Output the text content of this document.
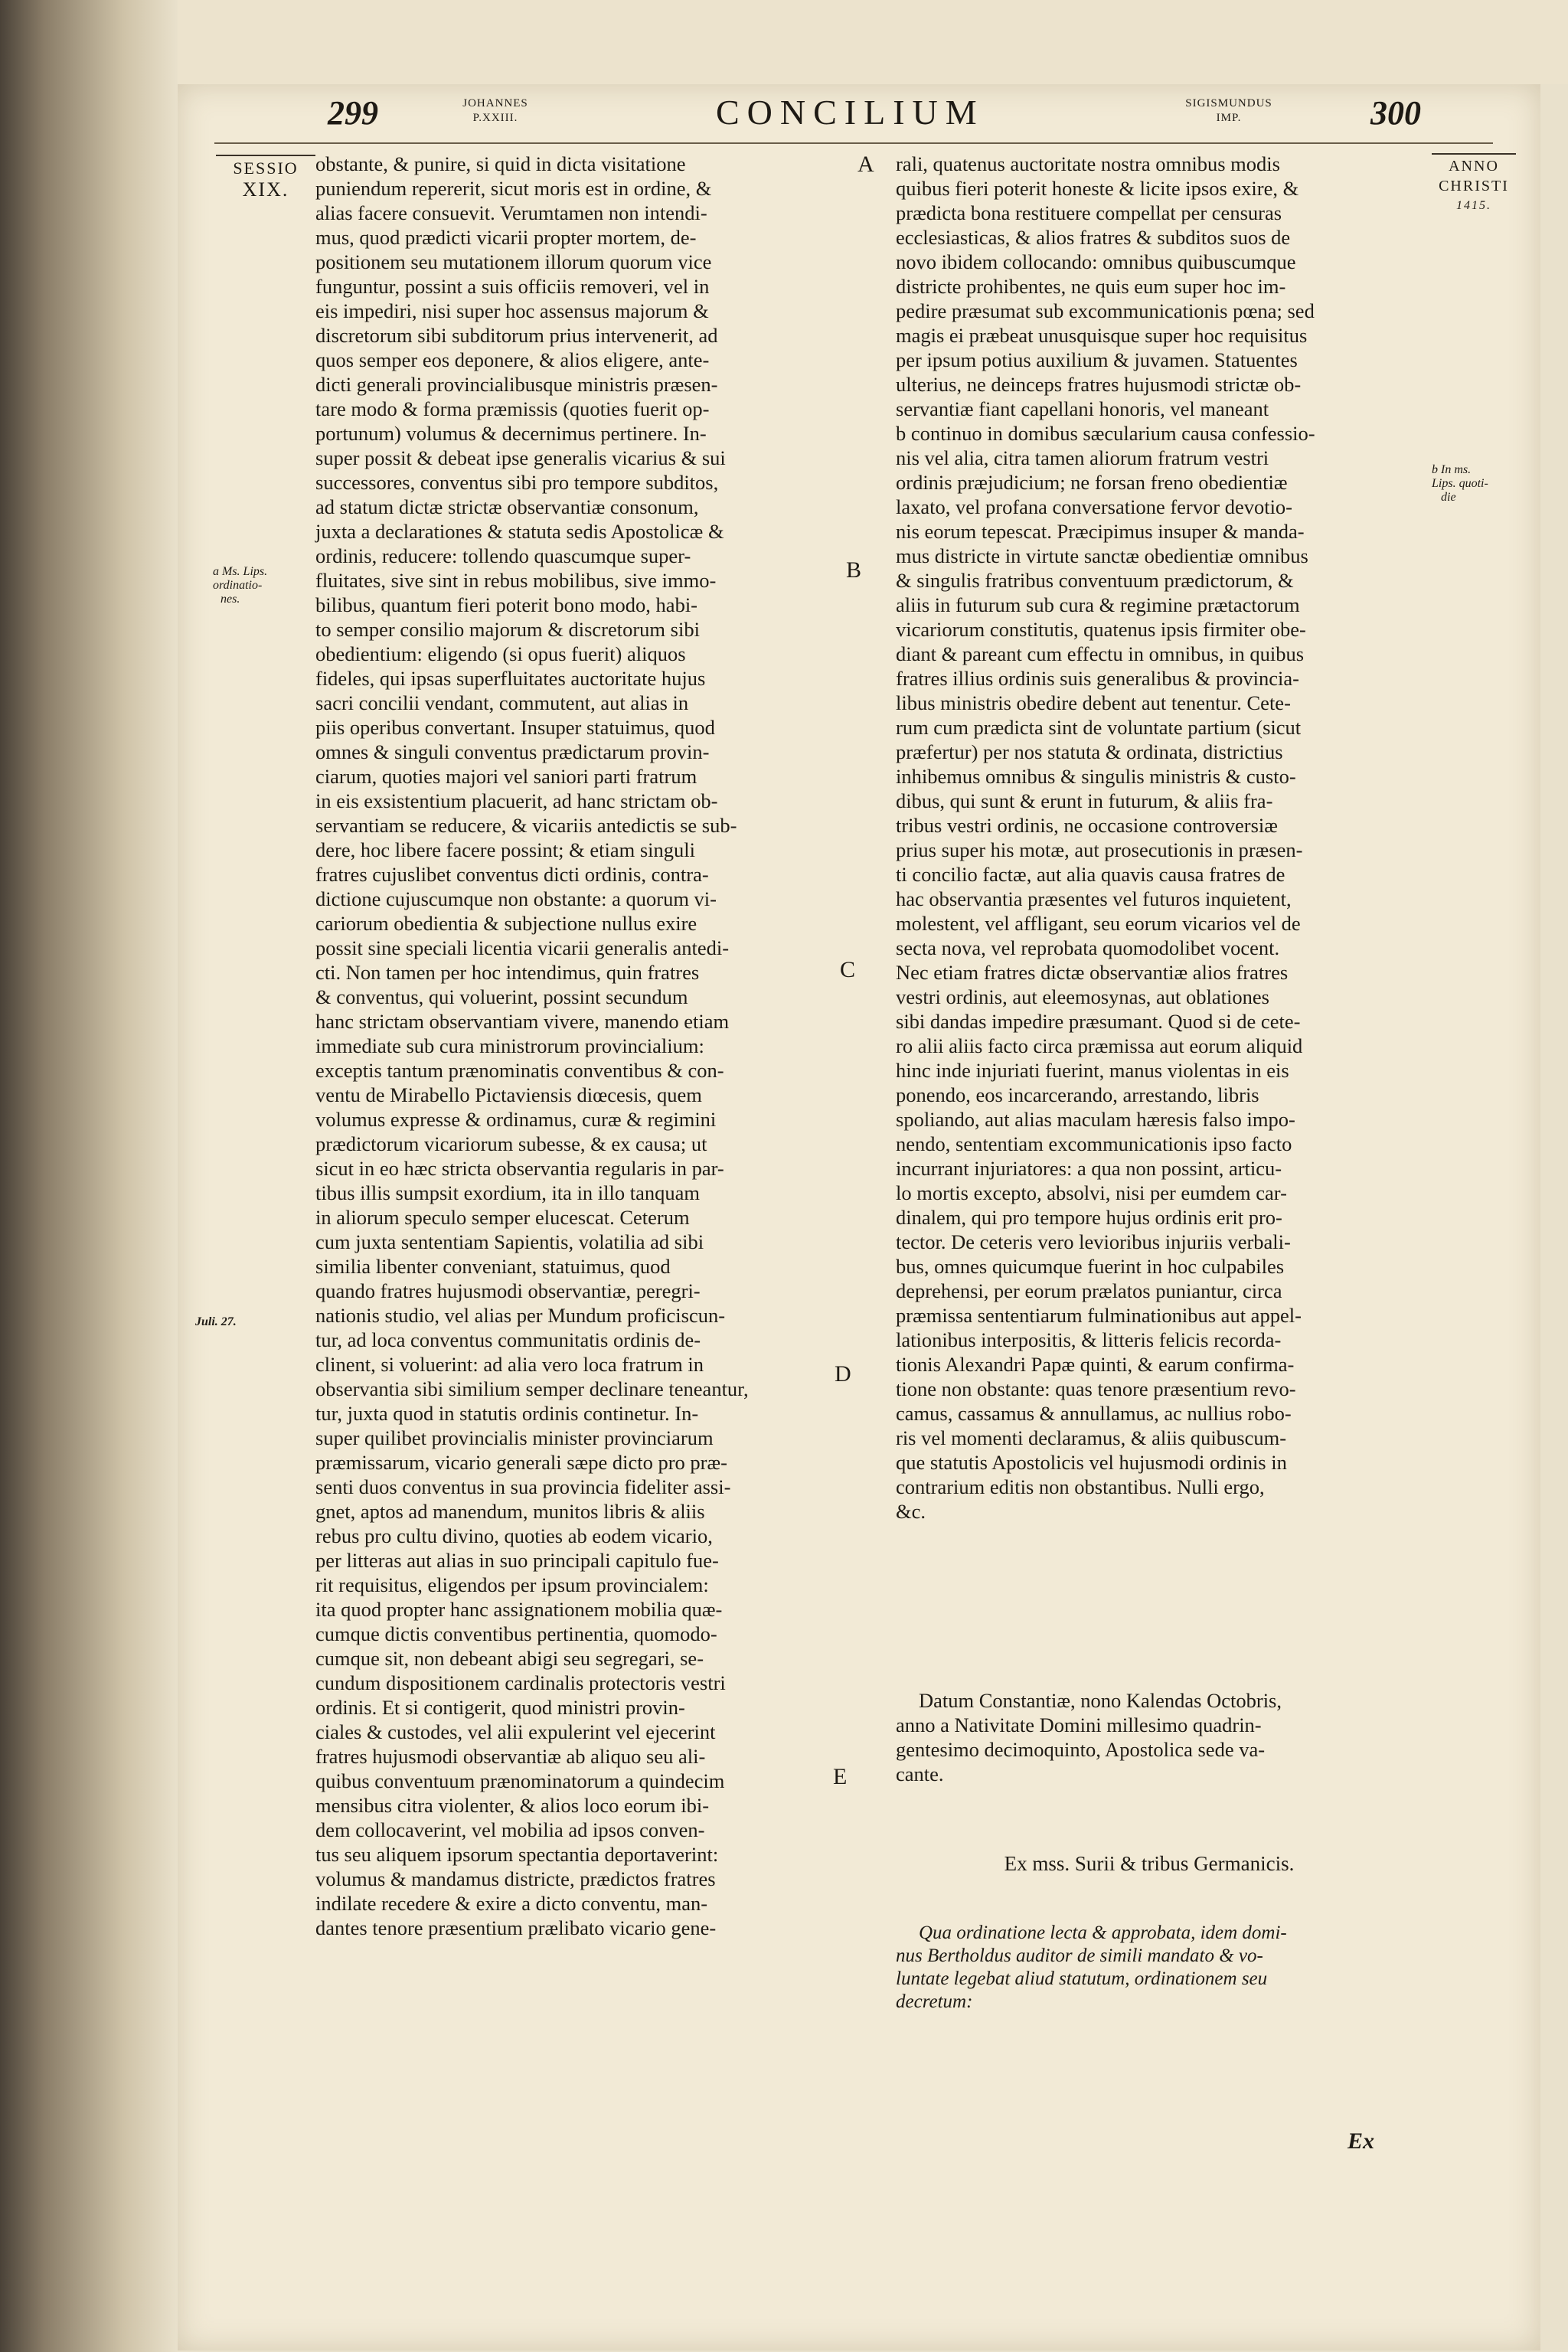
299	JOHANNES
P.XXIII.	CONCILIUM	SIGISMUNDUS
IMP.	300
SESSIO
XIX.
a Ms. Lips.
ordinatio-
nes.
Juli. 27.
A
B
C
D
E
obstante, & punire, si quid in dicta visitatione
puniendum repererit, sicut moris est in ordine, &
alias facere consuevit. Verumtamen non intendi-
mus, quod prædicti vicarii propter mortem, de-
positionem seu mutationem illorum quorum vice
funguntur, possint a suis officiis removeri, vel in
eis impediri, nisi super hoc assensus majorum &
discretorum sibi subditorum prius intervenerit, ad
quos semper eos deponere, & alios eligere, ante-
dicti generali provincialibusque ministris præsen-
tare modo & forma præmissis (quoties fuerit op-
portunum) volumus & decernimus pertinere. In-
super possit & debeat ipse generalis vicarius & sui
successores, conventus sibi pro tempore subditos,
ad statum dictæ strictæ observantiæ consonum,
juxta a declarationes & statuta sedis Apostolicæ &
ordinis, reducere: tollendo quascumque super-
fluitates, sive sint in rebus mobilibus, sive immo-
bilibus, quantum fieri poterit bono modo, habi-
to semper consilio majorum & discretorum sibi
obedientium: eligendo (si opus fuerit) aliquos
fideles, qui ipsas superfluitates auctoritate hujus
sacri concilii vendant, commutent, aut alias in
piis operibus convertant. Insuper statuimus, quod
omnes & singuli conventus prædictarum provin-
ciarum, quoties majori vel saniori parti fratrum
in eis exsistentium placuerit, ad hanc strictam ob-
servantiam se reducere, & vicariis antedictis se sub-
dere, hoc libere facere possint; & etiam singuli
fratres cujuslibet conventus dicti ordinis, contra-
dictione cujuscumque non obstante: a quorum vi-
cariorum obedientia & subjectione nullus exire
possit sine speciali licentia vicarii generalis antedi-
cti. Non tamen per hoc intendimus, quin fratres
& conventus, qui voluerint, possint secundum
hanc strictam observantiam vivere, manendo etiam
immediate sub cura ministrorum provincialium:
exceptis tantum prænominatis conventibus & con-
ventu de Mirabello Pictaviensis diœcesis, quem
volumus expresse & ordinamus, curæ & regimini
prædictorum vicariorum subesse, & ex causa; ut
sicut in eo hæc stricta observantia regularis in par-
tibus illis sumpsit exordium, ita in illo tanquam
in aliorum speculo semper elucescat. Ceterum
cum juxta sententiam Sapientis, volatilia ad sibi
similia libenter conveniant, statuimus, quod
quando fratres hujusmodi observantiæ, peregri-
nationis studio, vel alias per Mundum proficiscun-
tur, ad loca conventus communitatis ordinis de-
clinent, si voluerint: ad alia vero loca fratrum in
observantia sibi similium semper declinare teneantur,
tur, juxta quod in statutis ordinis continetur. In-
super quilibet provincialis minister provinciarum
præmissarum, vicario generali sæpe dicto pro præ-
senti duos conventus in sua provincia fideliter assi-
gnet, aptos ad manendum, munitos libris & aliis
rebus pro cultu divino, quoties ab eodem vicario,
per litteras aut alias in suo principali capitulo fue-
rit requisitus, eligendos per ipsum provincialem:
ita quod propter hanc assignationem mobilia quæ-
cumque dictis conventibus pertinentia, quomodo-
cumque sit, non debeant abigi seu segregari, se-
cundum dispositionem cardinalis protectoris vestri
ordinis. Et si contigerit, quod ministri provin-
ciales & custodes, vel alii expulerint vel ejecerint
fratres hujusmodi observantiæ ab aliquo seu ali-
quibus conventuum prænominatorum a quindecim
mensibus citra violenter, & alios loco eorum ibi-
dem collocaverint, vel mobilia ad ipsos conven-
tus seu aliquem ipsorum spectantia deportaverint:
volumus & mandamus districte, prædictos fratres
indilate recedere & exire a dicto conventu, man-
dantes tenore præsentium prælibato vicario gene-
rali, quatenus auctoritate nostra omnibus modis
quibus fieri poterit honeste & licite ipsos exire, &
prædicta bona restituere compellat per censuras
ecclesiasticas, & alios fratres & subditos suos de
novo ibidem collocando: omnibus quibuscumque
districte prohibentes, ne quis eum super hoc im-
pedire præsumat sub excommunicationis pœna; sed
magis ei præbeat unusquisque super hoc requisitus
per ipsum potius auxilium & juvamen. Statuentes
ulterius, ne deinceps fratres hujusmodi strictæ ob-
servantiæ fiant capellani honoris, vel maneant
b continuo in domibus sæcularium causa confessio-
nis vel alia, citra tamen aliorum fratrum vestri
ordinis præjudicium; ne forsan freno obedientiæ
laxato, vel profana conversatione fervor devotio-
nis eorum tepescat. Præcipimus insuper & manda-
mus districte in virtute sanctæ obedientiæ omnibus
& singulis fratribus conventuum prædictorum, &
aliis in futurum sub cura & regimine prætactorum
vicariorum constitutis, quatenus ipsis firmiter obe-
diant & pareant cum effectu in omnibus, in quibus
fratres illius ordinis suis generalibus & provincia-
libus ministris obedire debent aut tenentur. Cete-
rum cum prædicta sint de voluntate partium (sicut
præfertur) per nos statuta & ordinata, districtius
inhibemus omnibus & singulis ministris & custo-
dibus, qui sunt & erunt in futurum, & aliis fra-
tribus vestri ordinis, ne occasione controversiæ
prius super his motæ, aut prosecutionis in præsen-
ti concilio factæ, aut alia quavis causa fratres de
hac observantia præsentes vel futuros inquietent,
molestent, vel affligant, seu eorum vicarios vel de
secta nova, vel reprobata quomodolibet vocent.
Nec etiam fratres dictæ observantiæ alios fratres
vestri ordinis, aut eleemosynas, aut oblationes
sibi dandas impedire præsumant. Quod si de cete-
ro alii aliis facto circa præmissa aut eorum aliquid
hinc inde injuriati fuerint, manus violentas in eis
ponendo, eos incarcerando, arrestando, libris
spoliando, aut alias maculam hæresis falso impo-
nendo, sententiam excommunicationis ipso facto
incurrant injuriatores: a qua non possint, articu-
lo mortis excepto, absolvi, nisi per eumdem car-
dinalem, qui pro tempore hujus ordinis erit pro-
tector. De ceteris vero levioribus injuriis verbali-
bus, omnes quicumque fuerint in hoc culpabiles
deprehensi, per eorum prælatos puniantur, circa
præmissa sententiarum fulminationibus aut appel-
lationibus interpositis, & litteris felicis recorda-
tionis Alexandri Papæ quinti, & earum confirma-
tione non obstante: quas tenore præsentium revo-
camus, cassamus & annullamus, ac nullius robo-
ris vel momenti declaramus, & aliis quibuscum-
que statutis Apostolicis vel hujusmodi ordinis in
contrarium editis non obstantibus. Nulli ergo,
&c.
ANNO
CHRISTI
1415.
b In ms.
Lips. quoti-
die
Datum Constantiæ, nono Kalendas Octobris,
anno a Nativitate Domini millesimo quadrin-
gentesimo decimoquinto, Apostolica sede va-
cante.
Ex mss. Surii & tribus Germanicis.
Qua ordinatione lecta & approbata, idem domi-
nus Bertholdus auditor de simili mandato & vo-
luntate legebat aliud statutum, ordinationem seu
decretum:
Ex
